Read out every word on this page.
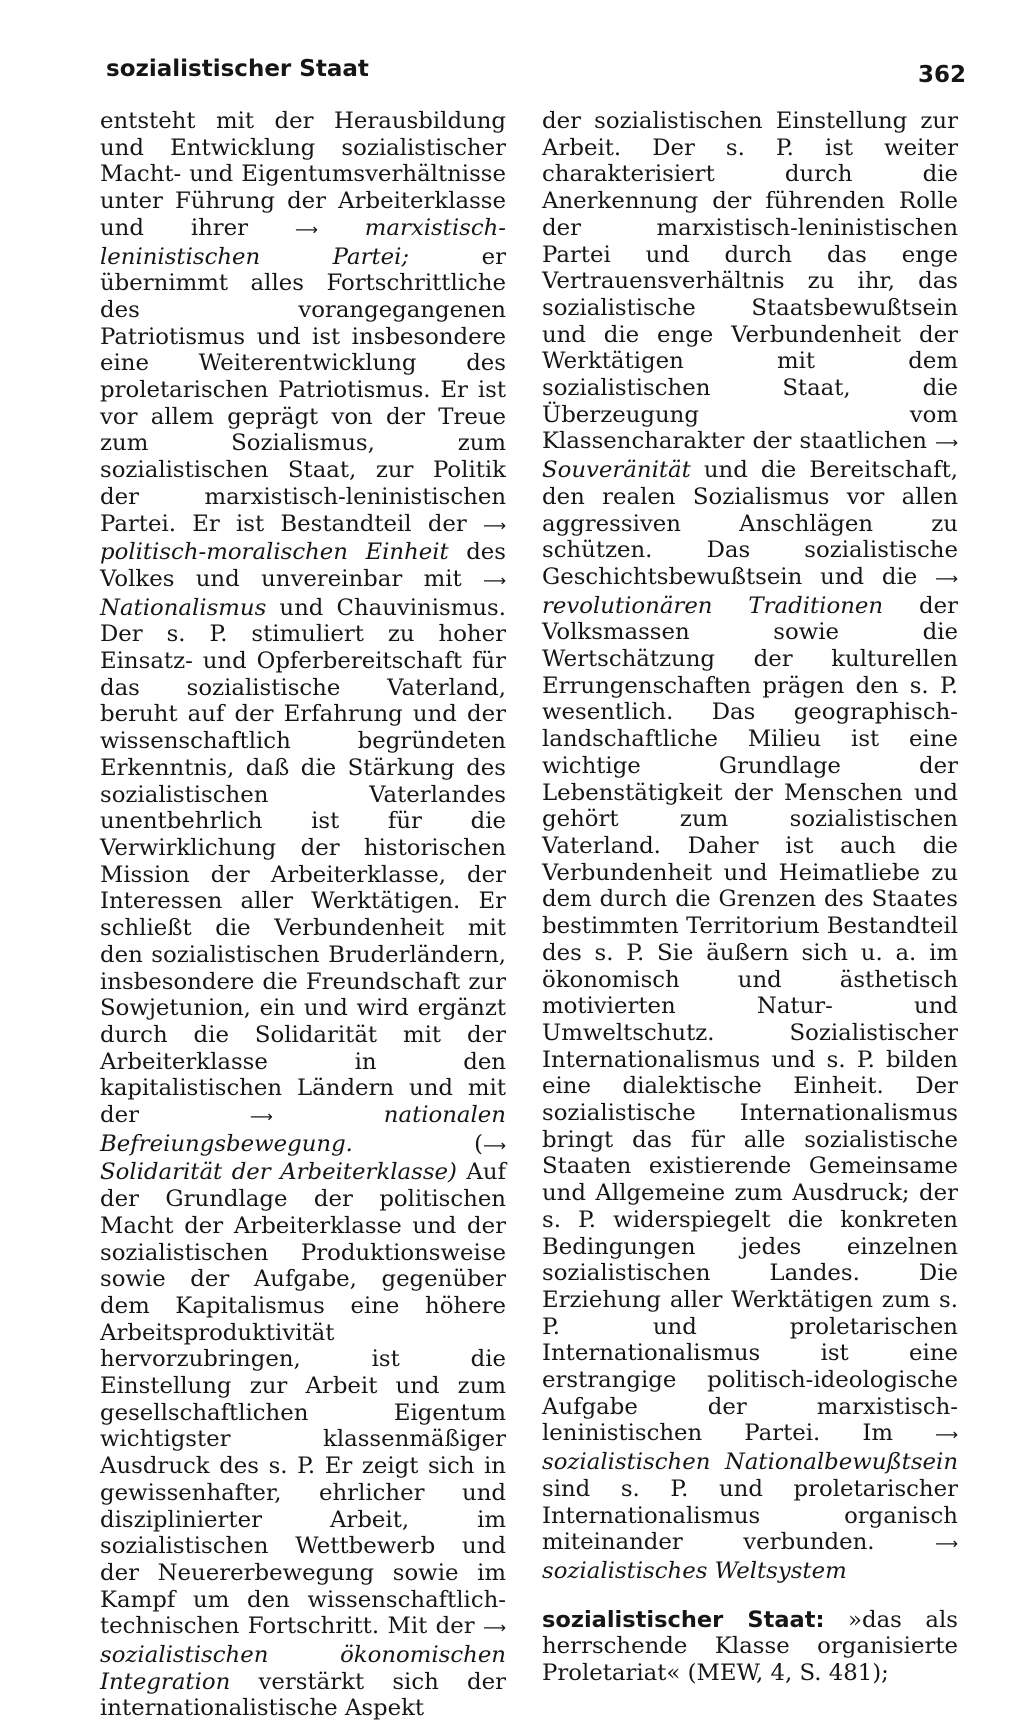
sozialistischer Staat	362

entsteht mit der Herausbildung und Entwicklung sozialistischer Macht- und Eigentumsverhältnisse unter Führung der Arbeiterklasse und ihrer ⟶ marxistisch-leninistischen Partei; er übernimmt alles Fortschrittliche des vorangegangenen Patriotismus und ist insbesondere eine Weiterentwicklung des proletarischen Patriotismus. Er ist vor allem geprägt von der Treue zum Sozialismus, zum sozialistischen Staat, zur Politik der marxistisch-leninistischen Partei. Er ist Bestandteil der ⟶ politisch-moralischen Einheit des Volkes und unvereinbar mit ⟶ Nationalismus und Chauvinismus. Der s. P. stimuliert zu hoher Einsatz- und Opferbereitschaft für das sozialistische Vaterland, beruht auf der Erfahrung und der wissenschaftlich begründeten Erkenntnis, daß die Stärkung des sozialistischen Vaterlandes unentbehrlich ist für die Verwirklichung der historischen Mission der Arbeiterklasse, der Interessen aller Werktätigen. Er schließt die Verbundenheit mit den sozialistischen Bruderländern, insbesondere die Freundschaft zur Sowjetunion, ein und wird ergänzt durch die Solidarität mit der Arbeiterklasse in den kapitalistischen Ländern und mit der ⟶	nationalen Befreiungsbewegung. (⟶ Solidarität der Arbeiterklasse) Auf der Grundlage der politischen Macht der Arbeiterklasse und der sozialistischen Produktionsweise sowie der Aufgabe, gegenüber dem Kapitalismus eine höhere Arbeitsproduktivität hervorzubringen, ist die Einstellung zur Arbeit und zum gesellschaftlichen Eigentum wichtigster klassenmäßiger Ausdruck des s. P. Er zeigt sich in gewissenhafter, ehrlicher und disziplinierter Arbeit, im sozialistischen Wettbewerb und der Neuererbewegung sowie im Kampf um den wissenschaftlich-technischen Fortschritt. Mit der ⟶ sozialistischen ökonomischen Integration verstärkt sich der internationalistische Aspekt

der sozialistischen Einstellung zur Arbeit. Der s. P. ist weiter charakterisiert durch die Anerkennung der führenden Rolle der marxistisch-leninistischen Partei und durch das enge Vertrauensverhältnis zu ihr, das sozialistische Staatsbewußtsein und die enge Verbundenheit der Werktätigen mit dem sozialistischen Staat, die Überzeugung vom Klassencharakter der staatlichen ⟶ Souveränität und die Bereitschaft, den realen Sozialismus vor allen aggressiven Anschlägen zu schützen. Das sozialistische Geschichtsbewußtsein und die ⟶ revolutionären Traditionen der Volksmassen sowie die Wertschätzung der kulturellen Errungenschaften prägen den s. P. wesentlich. Das geographisch-landschaftliche Milieu ist eine wichtige Grundlage der Lebenstätigkeit der Menschen und gehört zum sozialistischen Vaterland. Daher ist auch die Verbundenheit und Heimatliebe zu dem durch die Grenzen des Staates bestimmten Territorium Bestandteil des s. P. Sie äußern sich u. a. im ökonomisch und ästhetisch motivierten Natur- und Umweltschutz. Sozialistischer Internationalismus und s. P. bilden eine dialektische Einheit. Der sozialistische Internationalismus bringt das für alle sozialistische Staaten existierende Gemeinsame und Allgemeine zum Ausdruck; der s. P. widerspiegelt die konkreten Bedingungen jedes einzelnen sozialistischen Landes. Die Erziehung aller Werktätigen zum s. P. und proletarischen Internationalismus ist eine erstrangige politisch-ideologische Aufgabe der marxistisch-leninistischen Partei. Im ⟶ sozialistischen Nationalbewußtsein sind s. P. und proletarischer Internationalismus organisch miteinander verbunden. ⟶ sozialistisches Weltsystem

sozialistischer Staat: »das als herrschende Klasse organisierte Proletariat« (MEW, 4, S. 481);
